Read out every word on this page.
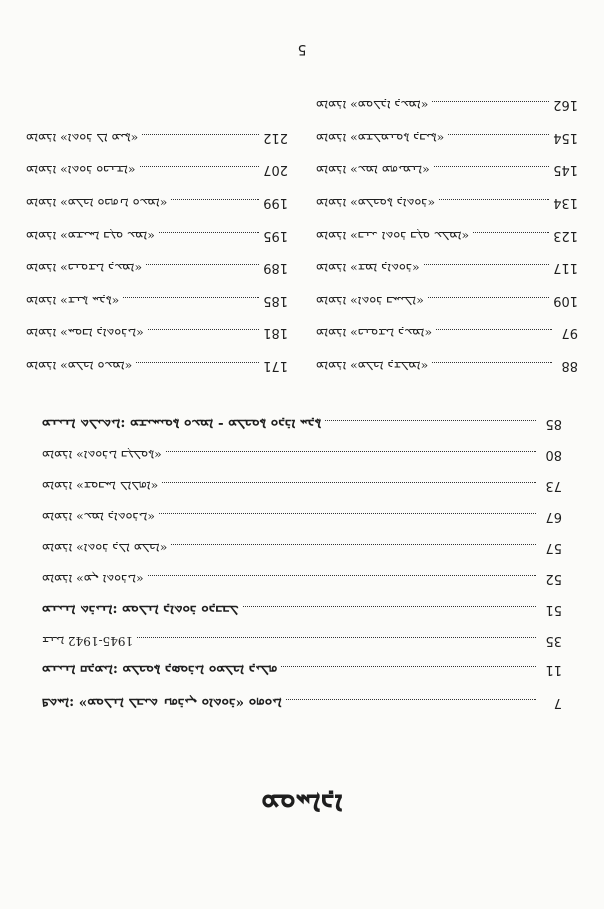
ܡܘܚܐܕܐ
ܦܬܚܐ: «ܡܘܠܢܐ ܠܒܝܬ ܢܗܪܝܢ ܘܐܬܘܪ» ܘܗܘܝܐ	7
ܡܢܝܢܐ ܩܕܡܝܐ: ܡܠܟܘܬܐ ܕܣܘܪܝܐ ܘܡܠܟܐ ܕܝܠܗ	11
ܫܢܝܐ 1942-1945	35
ܡܢܝܢܐ ܬܪܝܢܐ: ܡܘܠܢܐ ܕܐܬܘܪ ܘܕܒܒܠ	51
ܡܐܡܪܐ «ܡܢ ܐܬܘܪܝܐ»	52
ܡܐܡܪܐ «ܐܬܘܪ ܕܠܐ ܡܠܟܐ»	57
ܡܐܡܪܐ «ܥܡܐ ܕܐܬܘܪܝܐ»	67
ܡܐܡܪܐ «ܫܘܒܚܐ ܠܐܠܗܐ»	73
ܡܐܡܪܐ «ܐܬܘܪܝܐ ܒܓܠܘܬܐ»	80
ܡܢܝܢܐ ܬܠܝܬܝܐ: ܡܫܝܚܝܘܬܐ ܘܥܡܐ - ܡܠܟܘܬܐ ܘܕܪܐ ܚܕܬܐ	85
ܡܐܡܪܐ «ܡܠܟܐ ܘܥܡܐ»	171
ܡܐܡܪܐ «ܚܘܒܐ ܕܐܬܘܪܝܐ»	181
ܡܐܡܪܐ «ܫܢܬܐ ܚܕܬܐ»	185
ܡܐܡܪܐ «ܟܢܘܫܝܐ ܕܥܡܐ»	189
ܡܐܡܪܐ «ܡܫܝܚܐ ܒܓܘ ܥܡܐ»	195
ܡܐܡܪܐ «ܡܠܟܐ ܘܟܗܢܐ ܘܥܡܐ»	199
ܡܐܡܪܐ «ܐܬܘܪ ܘܟܢܫܐ»	207
ܡܐܡܪܐ «ܐܬܘܪ ܠܐ ܡܝܬܐ»	212
ܡܐܡܪܐ «ܡܠܟܐ ܕܫܠܡܐ»	88
ܡܐܡܪܐ «ܟܢܘܫܝܐ ܕܥܡܐ»	97
ܡܐܡܪܐ «ܐܬܘܪ ܒܚܝܠܐ»	109
ܡܐܡܪܐ «ܫܡܐ ܕܐܬܘܪ»	117
ܡܐܡܪܐ «ܒܢܝ ܐܬܘܪ ܒܓܘ ܥܠܡܐ»	123
ܡܐܡܪܐ «ܡܠܟܘܬܐ ܕܐܬܘܪ»	134
ܡܐܡܪܐ «ܥܡܐ ܡܗܝܡܢܐ»	145
ܡܐܡܪܐ «ܡܫܠܡܢܘܬܐ ܕܒܝܬܐ»	154
ܡܐܡܪܐ «ܡܘܠܕܐ ܕܥܡܐ»	162
5
